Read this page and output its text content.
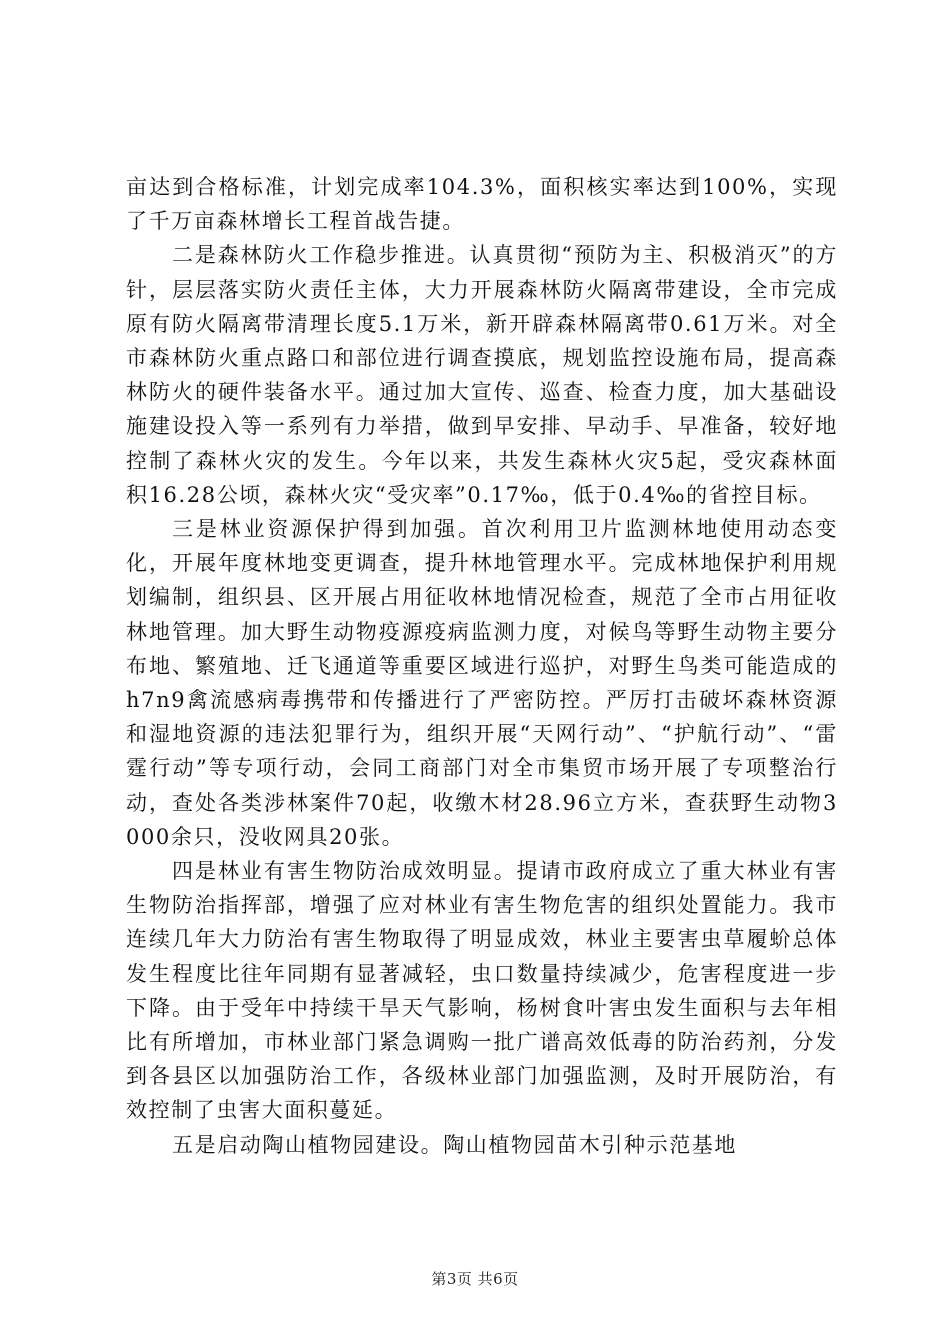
亩达到合格标准，计划完成率104.3%，面积核实率达到100%，实现了千万亩森林增长工程首战告捷。

二是森林防火工作稳步推进。认真贯彻“预防为主、积极消灭”的方针，层层落实防火责任主体，大力开展森林防火隔离带建设，全市完成原有防火隔离带清理长度5.1万米，新开辟森林隔离带0.61万米。对全市森林防火重点路口和部位进行调查摸底，规划监控设施布局，提高森林防火的硬件装备水平。通过加大宣传、巡查、检查力度，加大基础设施建设投入等一系列有力举措，做到早安排、早动手、早准备，较好地控制了森林火灾的发生。今年以来，共发生森林火灾5起，受灾森林面积16.28公顷，森林火灾“受灾率”0.17‰，低于0.4‰的省控目标。

三是林业资源保护得到加强。首次利用卫片监测林地使用动态变化，开展年度林地变更调查，提升林地管理水平。完成林地保护利用规划编制，组织县、区开展占用征收林地情况检查，规范了全市占用征收林地管理。加大野生动物疫源疫病监测力度，对候鸟等野生动物主要分布地、繁殖地、迁飞通道等重要区域进行巡护，对野生鸟类可能造成的h7n9禽流感病毒携带和传播进行了严密防控。严厉打击破坏森林资源和湿地资源的违法犯罪行为，组织开展“天网行动”、“护航行动”、“雷霆行动”等专项行动，会同工商部门对全市集贸市场开展了专项整治行动，查处各类涉林案件70起，收缴木材28.96立方米，查获野生动物3000余只，没收网具20张。

四是林业有害生物防治成效明显。提请市政府成立了重大林业有害生物防治指挥部，增强了应对林业有害生物危害的组织处置能力。我市连续几年大力防治有害生物取得了明显成效，林业主要害虫草履蚧总体发生程度比往年同期有显著减轻，虫口数量持续减少，危害程度进一步下降。由于受年中持续干旱天气影响，杨树食叶害虫发生面积与去年相比有所增加，市林业部门紧急调购一批广谱高效低毒的防治药剂，分发到各县区以加强防治工作，各级林业部门加强监测，及时开展防治，有效控制了虫害大面积蔓延。

五是启动陶山植物园建设。陶山植物园苗木引种示范基地

第3页 共6页
